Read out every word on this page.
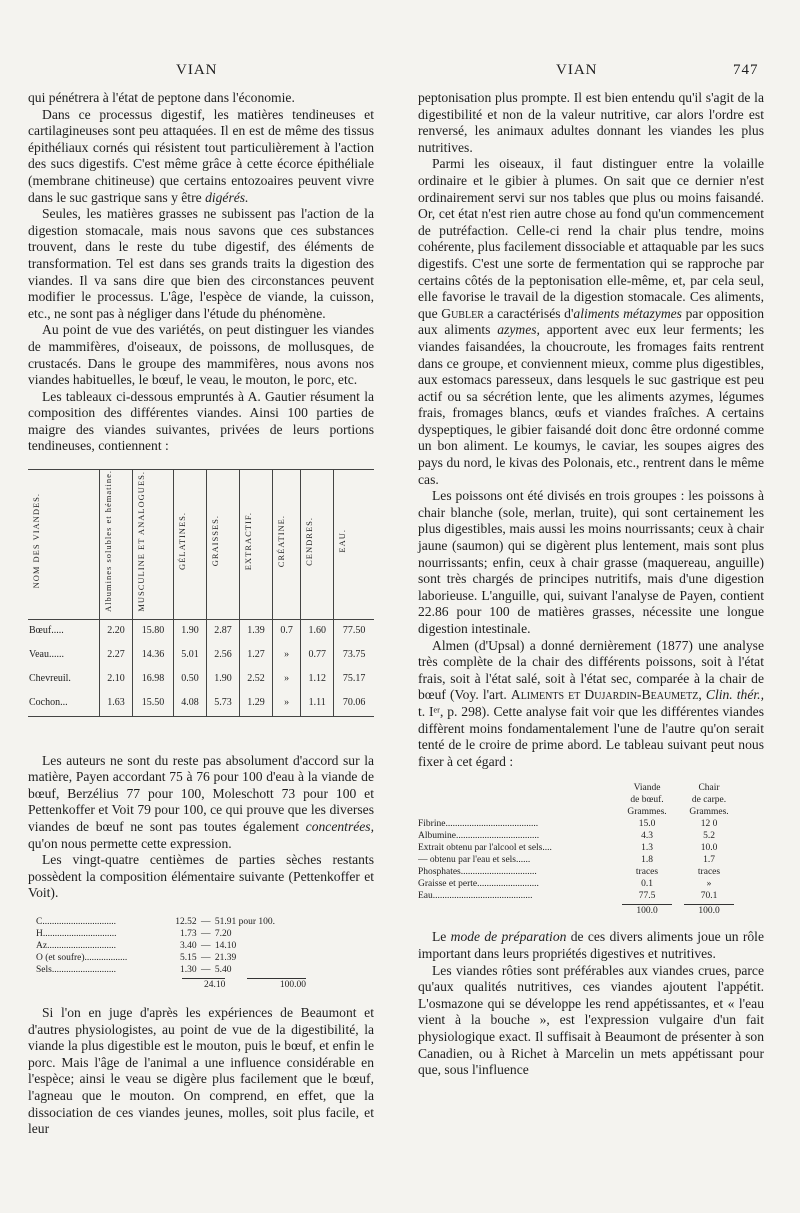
VIAN	VIAN	747

qui pénétrera à l'état de peptone dans l'économie.

Dans ce processus digestif, les matières tendineuses et cartilagineuses sont peu attaquées. Il en est de même des tissus épithéliaux cornés qui résistent tout particulièrement à l'action des sucs digestifs. C'est même grâce à cette écorce épithéliale (membrane chitineuse) que certains entozoaires peuvent vivre dans le suc gastrique sans y être digérés.

Seules, les matières grasses ne subissent pas l'action de la digestion stomacale, mais nous savons que ces substances trouvent, dans le reste du tube digestif, des éléments de transformation. Tel est dans ses grands traits la digestion des viandes. Il va sans dire que bien des circonstances peuvent modifier le processus. L'âge, l'espèce de viande, la cuisson, etc., ne sont pas à négliger dans l'étude du phénomène.

Au point de vue des variétés, on peut distinguer les viandes de mammifères, d'oiseaux, de poissons, de mollusques, de crustacés. Dans le groupe des mammifères, nous avons nos viandes habituelles, le bœuf, le veau, le mouton, le porc, etc.

Les tableaux ci-dessous empruntés à A. Gautier résument la composition des différentes viandes. Ainsi 100 parties de maigre des viandes suivantes, privées de leurs portions tendineuses, contiennent :

NOM DES VIANDES.	Albumines solubles et hématine.	MUSCULINE ET ANALOGUES.	GÉLATINES.	GRAISSES.	EXTRACTIF.	CRÉATINE.	CENDRES.	EAU.
Bœuf.....	2.20	15.80	1.90	2.87	1.39	0.7	1.60	77.50
Veau......	2.27	14.36	5.01	2.56	1.27	»	0.77	73.75
Chevreuil.	2.10	16.98	0.50	1.90	2.52	»	1.12	75.17
Cochon...	1.63	15.50	4.08	5.73	1.29	»	1.11	70.06

Les auteurs ne sont du reste pas absolument d'accord sur la matière, Payen accordant 75 à 76 pour 100 d'eau à la viande de bœuf, Berzélius 77 pour 100, Moleschott 73 pour 100 et Pettenkoffer et Voit 79 pour 100, ce qui prouve que les diverses viandes de bœuf ne sont pas toutes également concentrées, qu'on nous permette cette expression.

Les vingt-quatre centièmes de parties sèches restants possèdent la composition élémentaire suivante (Pettenkoffer et Voit).

C...............................	12.52 — 51.91 pour 100.
H...............................	1.73 — 7.20
Az.............................	3.40 — 14.10
O (et soufre)..................	5.15 — 21.39
Sels...........................	1.30 — 5.40
24.10	100.00

Si l'on en juge d'après les expériences de Beaumont et d'autres physiologistes, au point de vue de la digestibilité, la viande la plus digestible est le mouton, puis le bœuf, et enfin le porc. Mais l'âge de l'animal a une influence considérable en l'espèce; ainsi le veau se digère plus facilement que le bœuf, l'agneau que le mouton. On comprend, en effet, que la dissociation de ces viandes jeunes, molles, soit plus facile, et leur

peptonisation plus prompte. Il est bien entendu qu'il s'agit de la digestibilité et non de la valeur nutritive, car alors l'ordre est renversé, les animaux adultes donnant les viandes les plus nutritives.

Parmi les oiseaux, il faut distinguer entre la volaille ordinaire et le gibier à plumes. On sait que ce dernier n'est ordinairement servi sur nos tables que plus ou moins faisandé. Or, cet état n'est rien autre chose au fond qu'un commencement de putréfaction. Celle-ci rend la chair plus tendre, moins cohérente, plus facilement dissociable et attaquable par les sucs digestifs. C'est une sorte de fermentation qui se rapproche par certains côtés de la peptonisation elle-même, et, par cela seul, elle favorise le travail de la digestion stomacale. Ces aliments, que Gubler a caractérisés d'aliments métazymes par opposition aux aliments azymes, apportent avec eux leur ferments; les viandes faisandées, la choucroute, les fromages faits rentrent dans ce groupe, et conviennent mieux, comme plus digestibles, aux estomacs paresseux, dans lesquels le suc gastrique est peu actif ou sa sécrétion lente, que les aliments azymes, légumes frais, fromages blancs, œufs et viandes fraîches. A certains dyspeptiques, le gibier faisandé doit donc être ordonné comme un bon aliment. Le koumys, le caviar, les soupes aigres des pays du nord, le kivas des Polonais, etc., rentrent dans le même cas.

Les poissons ont été divisés en trois groupes : les poissons à chair blanche (sole, merlan, truite), qui sont certainement les plus digestibles, mais aussi les moins nourrissants; ceux à chair jaune (saumon) qui se digèrent plus lentement, mais sont plus nourrissants; enfin, ceux à chair grasse (maquereau, anguille) sont très chargés de principes nutritifs, mais d'une digestion laborieuse. L'anguille, qui, suivant l'analyse de Payen, contient 22.86 pour 100 de matières grasses, nécessite une longue digestion intestinale.

Almen (d'Upsal) a donné dernièrement (1877) une analyse très complète de la chair des différents poissons, soit à l'état frais, soit à l'état salé, soit à l'état sec, comparée à la chair de bœuf (Voy. l'art. Aliments et Dujardin-Beaumetz, Clin. thér., t. Iᵉʳ, p. 298). Cette analyse fait voir que les différentes viandes diffèrent moins fondamentalement l'une de l'autre qu'on serait tenté de le croire de prime abord. Le tableau suivant peut nous fixer à cet égard :

Viande	Chair
de bœuf.	de carpe.
Grammes.	Grammes.
Fibrine.......................................	15.0	12 0
Albumine...................................	4.3	5.2
Extrait obtenu par l'alcool et sels....	1.3	10.0
— obtenu par l'eau et sels......	1.8	1.7
Phosphates................................	traces	traces
Graisse et perte..........................	0.1	»
Eau..........................................	77.5	70.1
100.0	100.0

Le mode de préparation de ces divers aliments joue un rôle important dans leurs propriétés digestives et nutritives.

Les viandes rôties sont préférables aux viandes crues, parce qu'aux qualités nutritives, ces viandes ajoutent l'appétit. L'osmazone qui se développe les rend appétissantes, et « l'eau vient à la bouche », est l'expression vulgaire d'un fait physiologique exact. Il suffisait à Beaumont de présenter à son Canadien, ou à Richet à Marcelin un mets appétissant pour que, sous l'influence
